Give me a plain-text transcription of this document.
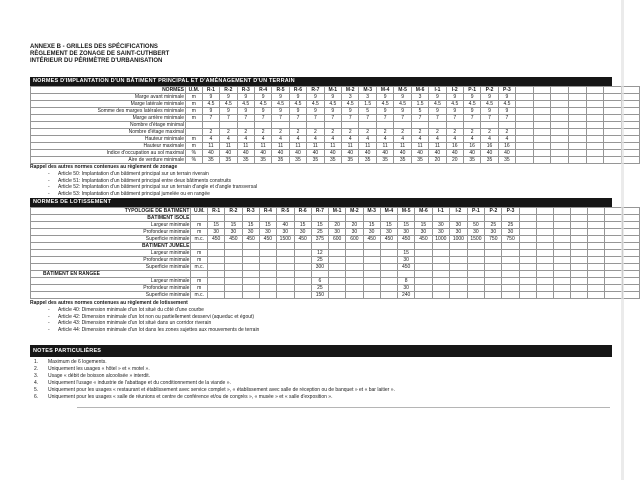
ANNEXE B - GRILLES DES SPÉCIFICATIONS
RÈGLEMENT DE ZONAGE DE SAINT-CUTHBERT
INTÉRIEUR DU PÉRIMÈTRE D'URBANISATION
NORMES D'IMPLANTATION D'UN BÂTIMENT PRINCIPAL ET D'AMÉNAGEMENT D'UN TERRAIN
NORMES	U.M.	R-1	R-2	R-3	R-4	R-5	R-6	R-7	M-1	M-2	M-3	M-4	M-5	M-6	I-1	I-2	P-1	P-2	P-3							
Marge avant minimale	m	9	9	9	9	9	9	9	9	3	3	9	9	3	9	9	9	9	9							
Marge latérale minimale	m	4.5	4.5	4.5	4.5	4.5	4.5	4.5	4.5	4.5	1.5	4.5	4.5	1.5	4.5	4.5	4.5	4.5	4.5							
Somme des marges latérales minimale	m	9	9	9	9	9	9	9	9	9	5	9	9	5	9	9	9	9	9							
Marge arrière minimale	m	7	7	7	7	7	7	7	7	7	7	7	7	7	7	7	7	7	7							
Nombre d'étage minimal																										
Nombre d'étage maximal		2	2	2	2	2	2	2	2	2	2	2	2	2	2	2	2	2	2							
Hauteur minimale	m	4	4	4	4	4	4	4	4	4	4	4	4	4	4	4	4	4	4							
Hauteur maximale	m	11	11	11	11	11	11	11	11	11	11	11	11	11	11	16	16	16	16							
Indice d'occupation au sol maximal	%	40	40	40	40	40	40	40	40	40	40	40	40	40	40	40	40	40	40							
Aire de verdure minimale	%	35	35	35	35	35	35	35	35	35	35	35	35	35	20	20	35	35	35							
Rappel des autres normes contenues au règlement de zonage
-	Article 50: Implantation d'un bâtiment principal sur un terrain riverain
-	Article 51: Implantation d'un bâtiment principal entre deux bâtiments construits
-	Article 52: Implantation d'un bâtiment principal sur un terrain d'angle et d'angle transversal
-	Article 53: Implantation d'un bâtiment principal jumelée ou en rangée
NORMES DE LOTISSEMENT
TYPOLOGIE DE BÂTIMENT	U.M.	R-1	R-2	R-3	R-4	R-5	R-6	R-7	M-1	M-2	M-3	M-4	M-5	M-6	I-1	I-2	P-1	P-2	P-3							
BÂTIMENT ISOLÉ																										
Largeur minimale	m	15	15	15	15	40	15	15	20	20	15	15	15	15	30	30	50	25	25							
Profondeur minimale	m	30	30	30	30	30	30	25	30	30	30	30	30	30	30	30	30	30	30							
Superficie minimale	m.c.	450	450	450	450	1500	450	375	600	600	450	450	450	450	1000	1000	1500	750	750							
BÂTIMENT JUMELÉ																										
Largeur minimale	m							12					15													
Profondeur minimale	m							25					30													
Superficie minimale	m.c.							300					450													
BÂTIMENT EN RANGÉE																										
Largeur minimale	m							6					8													
Profondeur minimale	m							25					30													
Superficie minimale	m.c.							150					240													
Rappel des autres normes contenues au règlement de lotissement
-	Article 40: Dimension minimale d'un lot situé du côté d'une courbe
-	Article 42: Dimension minimale d'un lot non ou partiellement desservi (aqueduc et égout)
-	Article 43: Dimension minimale d'un lot situé dans un corridor riverain
-	Article 44: Dimension minimale d'un lot dans les zones sujettes aux mouvements de terrain
NOTES PARTICULIÈRES
1.	Maximum de 6 logements.
2.	Uniquement les usages « hôtel » et « motel ».
3.	Usage « débit de boisson alcoolisée » interdit.
4.	Uniquement l'usage « industrie de l'abattage et du conditionnement de la viande ».
5.	Uniquement pour les usages « restaurant et établissement avec service complet », « établissement avec salle de réception ou de banquet » et « bar laitier ».
6.	Uniquement pour les usages « salle de réunions et centre de conférence et/ou de congrès », « musée » et « salle d'exposition ».
